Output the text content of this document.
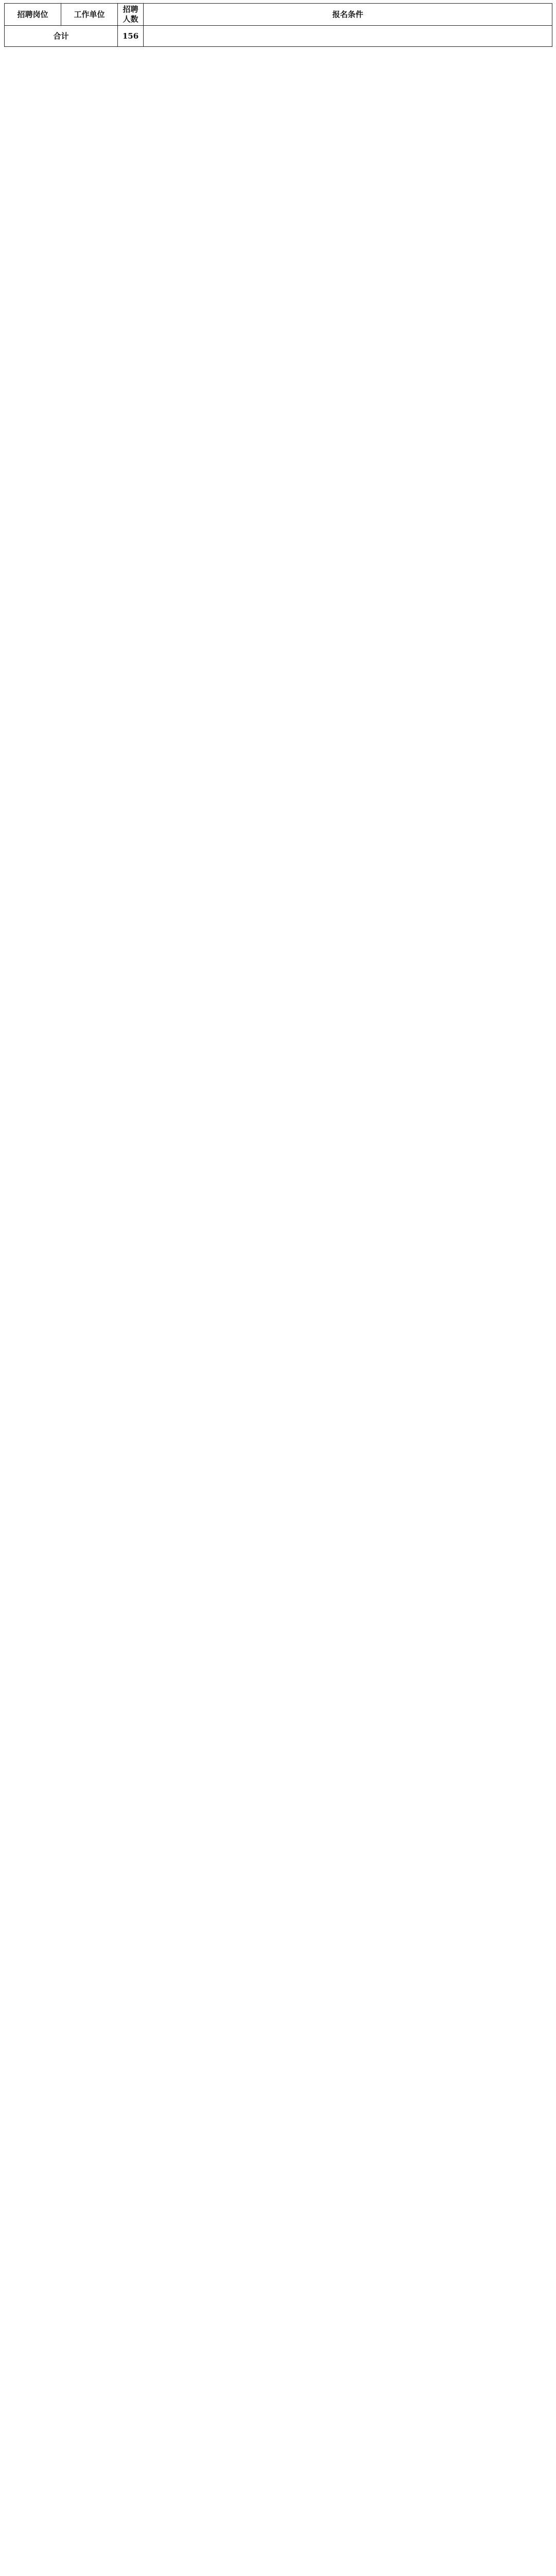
招聘岗位	工作单位	招聘人数	报名条件
合计		156	
